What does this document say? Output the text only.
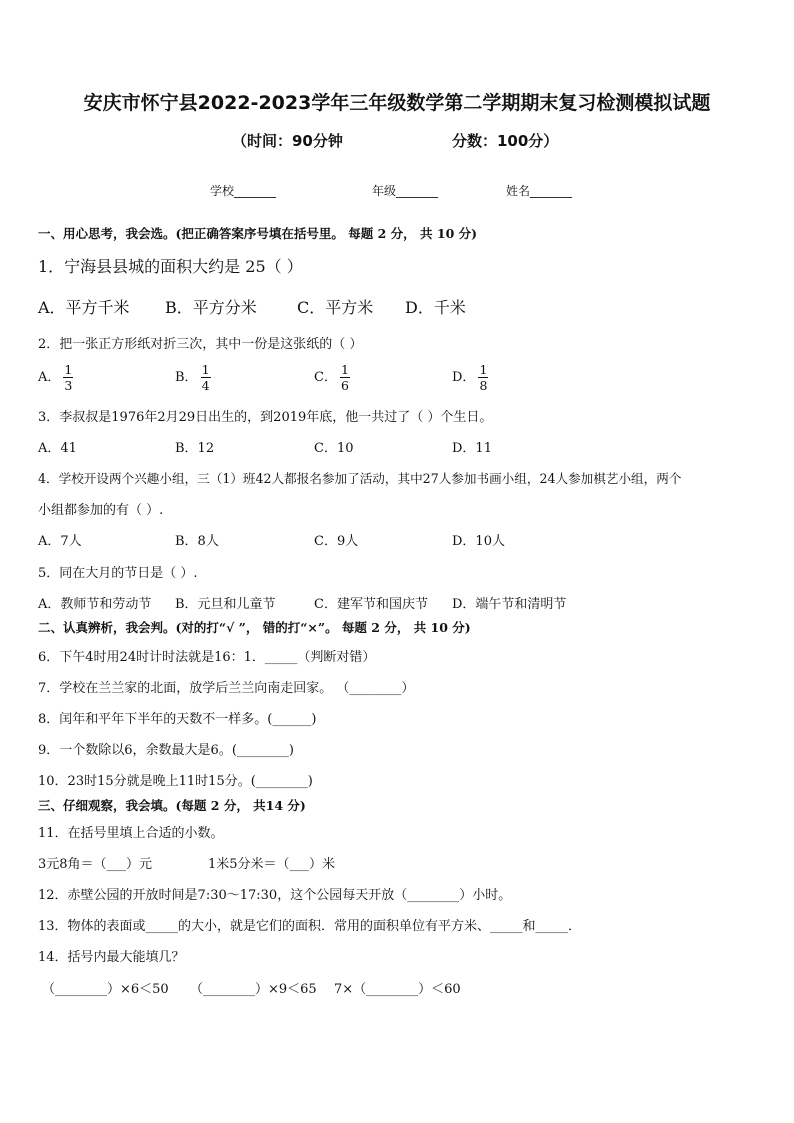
安庆市怀宁县2022-2023学年三年级数学第二学期期末复习检测模拟试题
（时间：90分钟	分数：100分）
学校_______	年级_______	姓名_______
一、用心思考，我会选。(把正确答案序号填在括号里。 每题 2 分， 共 10 分)
1．宁海县县城的面积大约是 25（ ）
A．平方千米 B．平方分米	C．平方米 D．千米
2．把一张正方形纸对折三次，其中一份是这张纸的（ ）
A． $\frac{1}{3}$	B． $\frac{1}{4}$	C． $\frac{1}{6}$	D． $\frac{1}{8}$
3．李叔叔是1976年2月29日出生的，到2019年底，他一共过了（ ）个生日。
A．41	B．12	C．10	D．11
4．学校开设两个兴趣小组，三（1）班42人都报名参加了活动，其中27人参加书画小组，24人参加棋艺小组，两个
小组都参加的有（ ）.
A．7人	B．8人	C．9人	D．10人
5．同在大月的节日是（ ）.
A．教师节和劳动节 B．元旦和儿童节	C．建军节和国庆节 D．端午节和清明节
二、认真辨析，我会判。(对的打“√ ”， 错的打“×”。 每题 2 分， 共 10 分)
6．下午4时用24时计时法就是16：1．_____（判断对错）
7．学校在兰兰家的北面，放学后兰兰向南走回家。 （________）
8．闰年和平年下半年的天数不一样多。(______)
9．一个数除以6，余数最大是6。(________)
10．23时15分就是晚上11时15分。(________)
三、仔细观察，我会填。(每题 2 分， 共14 分)
11．在括号里填上合适的小数。
3元8角＝（___）元	1米5分米＝（___）米
12．赤壁公园的开放时间是7:30～17:30，这个公园每天开放（________）小时。
13．物体的表面或_____的大小，就是它们的面积．常用的面积单位有平方米、_____和_____．
14．括号内最大能填几？
（________）×6＜50 （________）×9＜65 7×（________）＜60
